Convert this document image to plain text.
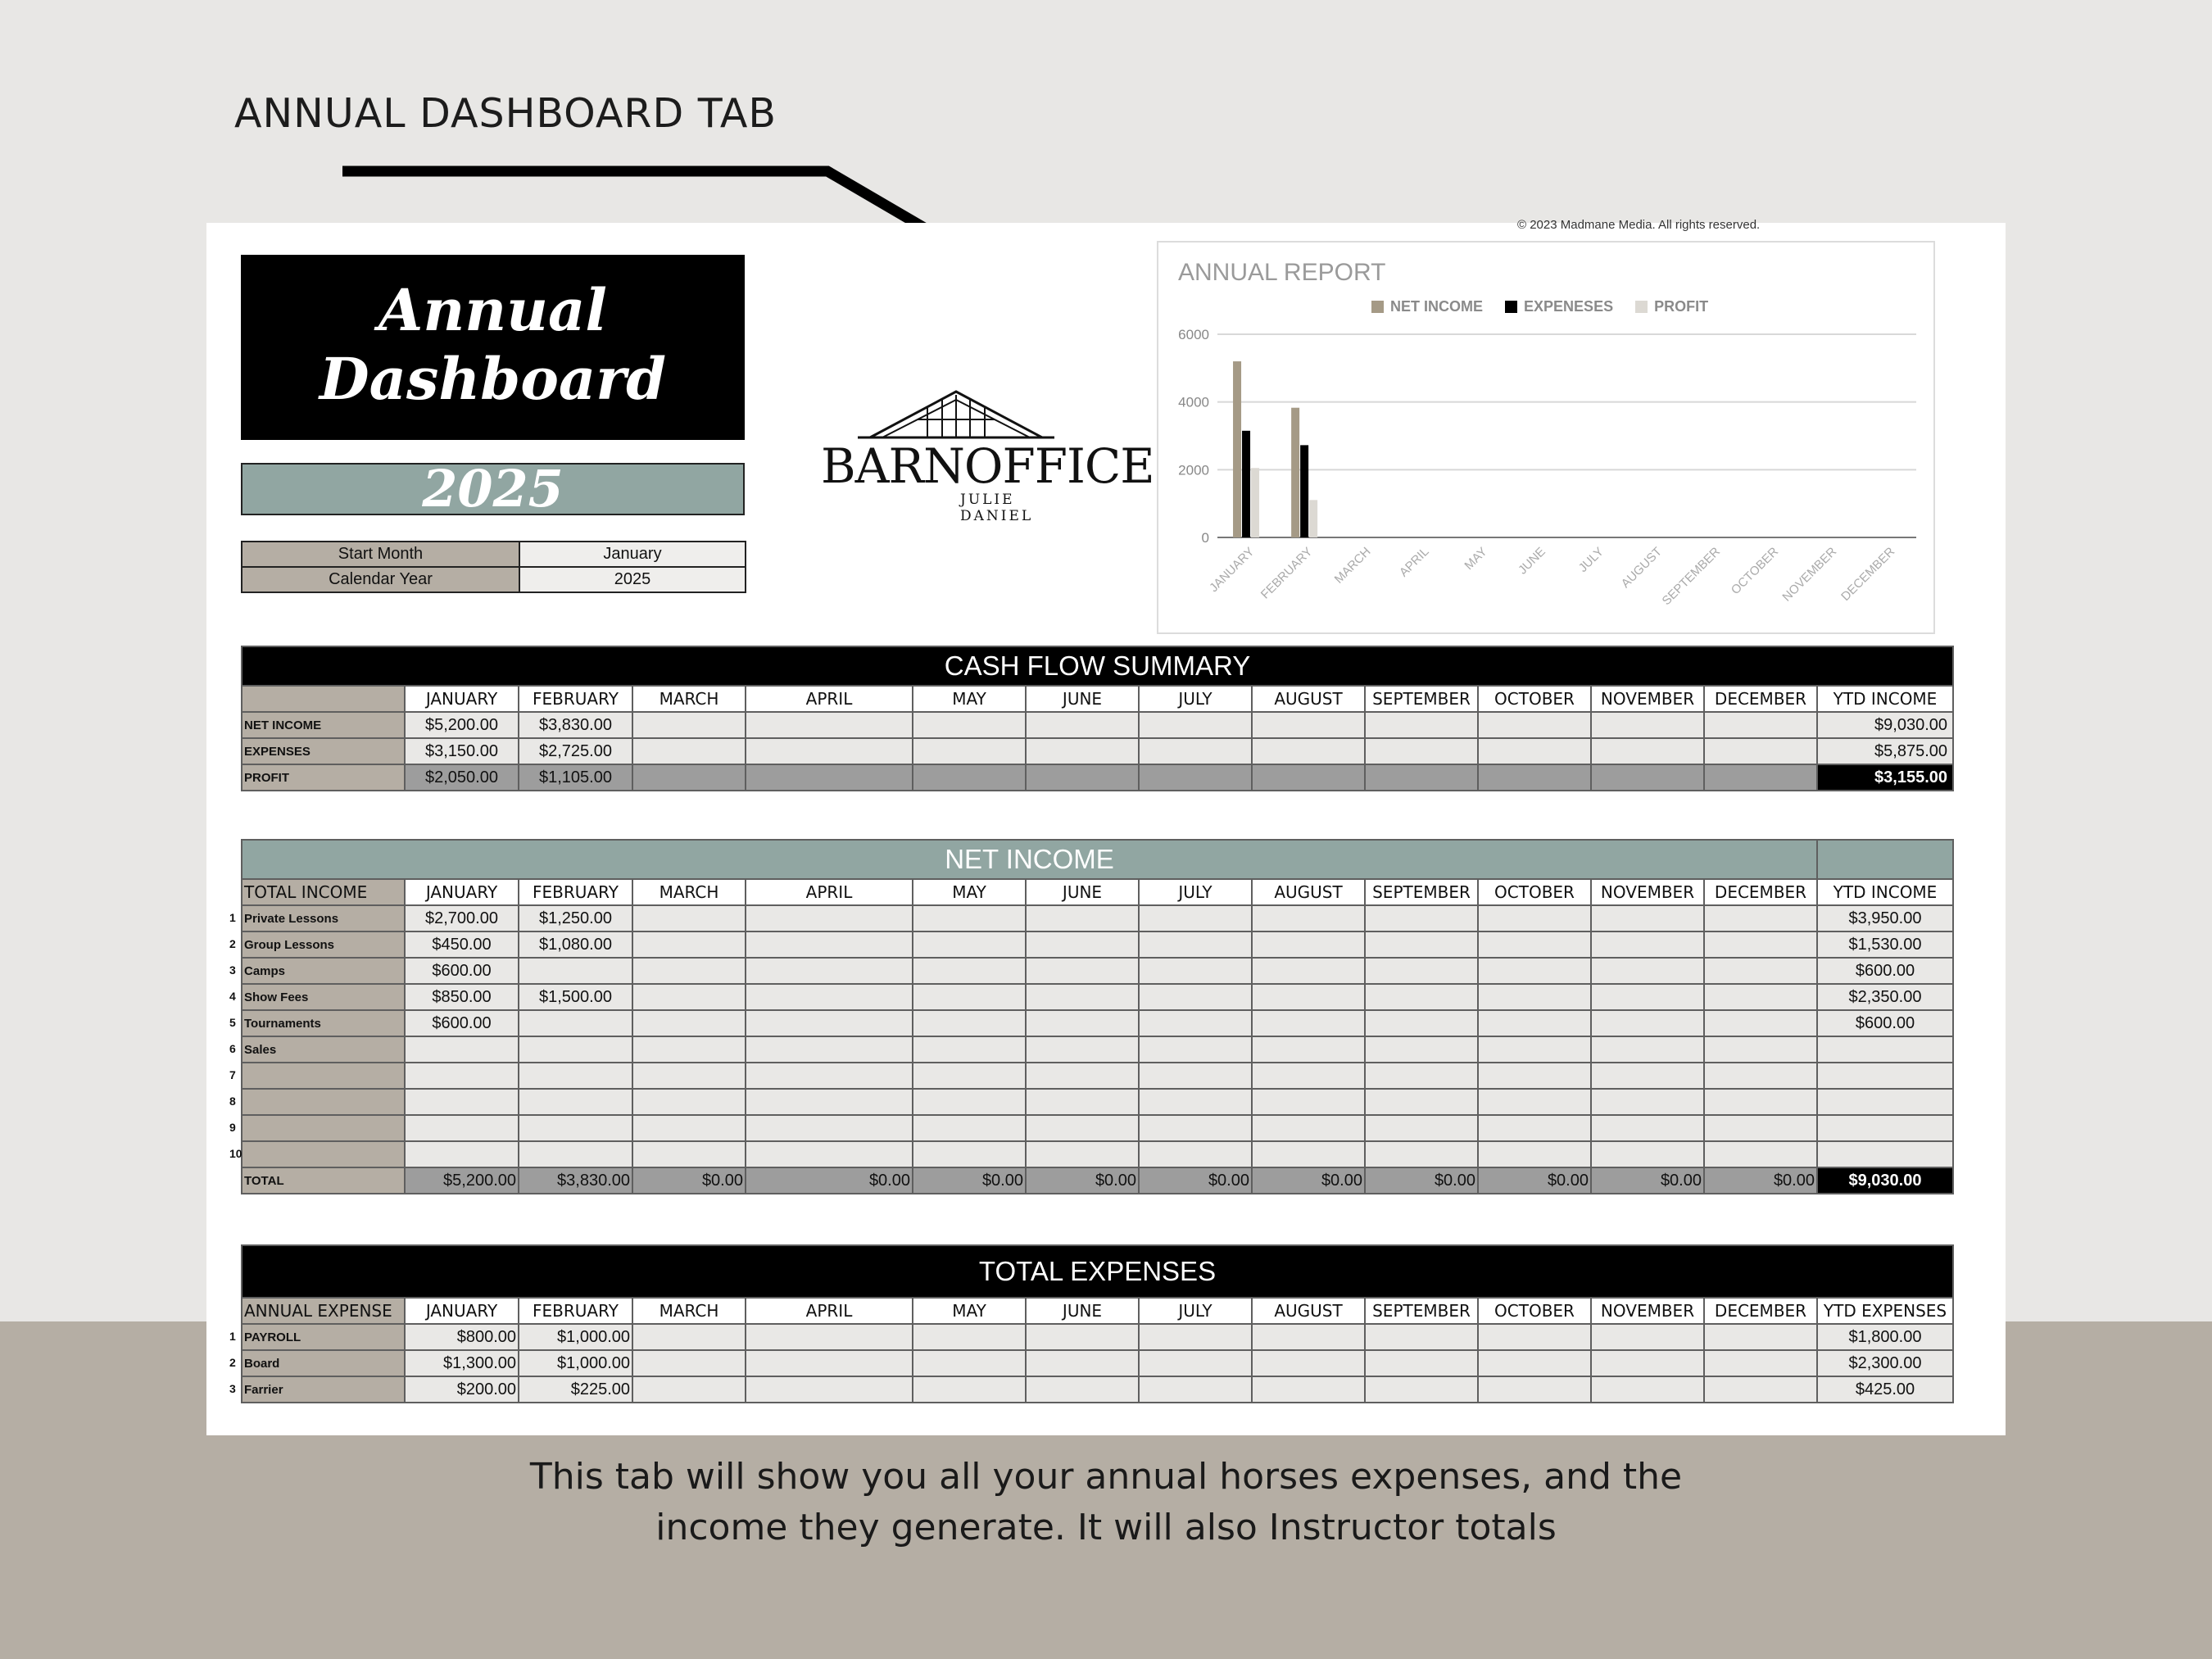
ANNUAL DASHBOARD TAB
© 2023 Madmane Media. All rights reserved.
Annual
Dashboard
2025
Start Month	January
Calendar Year	2025
BARNOFFICE
JULIE DANIEL
0
2000
4000
6000
JANUARY FEBRUARY MARCH APRIL MAY JUNE JULY AUGUST
SEPTEMBER OCTOBER
NOVEMBER
DECEMBER
ANNUAL REPORT
NET INCOME	EXPENESES	PROFIT
CASH FLOW SUMMARY													
	JANUARY	FEBRUARY	MARCH	APRIL	MAY	JUNE	JULY	AUGUST	SEPTEMBER	OCTOBER	NOVEMBER	DECEMBER	YTD INCOME
NET INCOME	$5,200.00	$3,830.00											$9,030.00
EXPENSES	$3,150.00	$2,725.00											$5,875.00
PROFIT	$2,050.00	$1,105.00											$3,155.00
NET INCOME													
TOTAL INCOME	JANUARY	FEBRUARY	MARCH	APRIL	MAY	JUNE	JULY	AUGUST	SEPTEMBER	OCTOBER	NOVEMBER	DECEMBER	YTD INCOME

1 Private Lessons	$2,700.00	$1,250.00											$3,950.00

2 Group Lessons	$450.00	$1,080.00											$1,530.00

3 Camps	$600.00												$600.00

4 Show Fees	$850.00	$1,500.00											$2,350.00

5 Tournaments	$600.00												$600.00

6 Sales													

7													

8													

9													

10													

TOTAL	$5,200.00	$3,830.00	$0.00	$0.00	$0.00	$0.00	$0.00	$0.00	$0.00	$0.00	$0.00	$0.00	$9,030.00
TOTAL EXPENSES													
ANNUAL EXPENSE	JANUARY	FEBRUARY	MARCH	APRIL	MAY	JUNE	JULY	AUGUST	SEPTEMBER	OCTOBER	NOVEMBER	DECEMBER	YTD EXPENSES

1 PAYROLL	$800.00	$1,000.00											$1,800.00

2 Board	$1,300.00	$1,000.00											$2,300.00

3 Farrier	$200.00	$225.00											$425.00
This tab will show you all your annual horses expenses, and the
income they generate. It will also Instructor totals
